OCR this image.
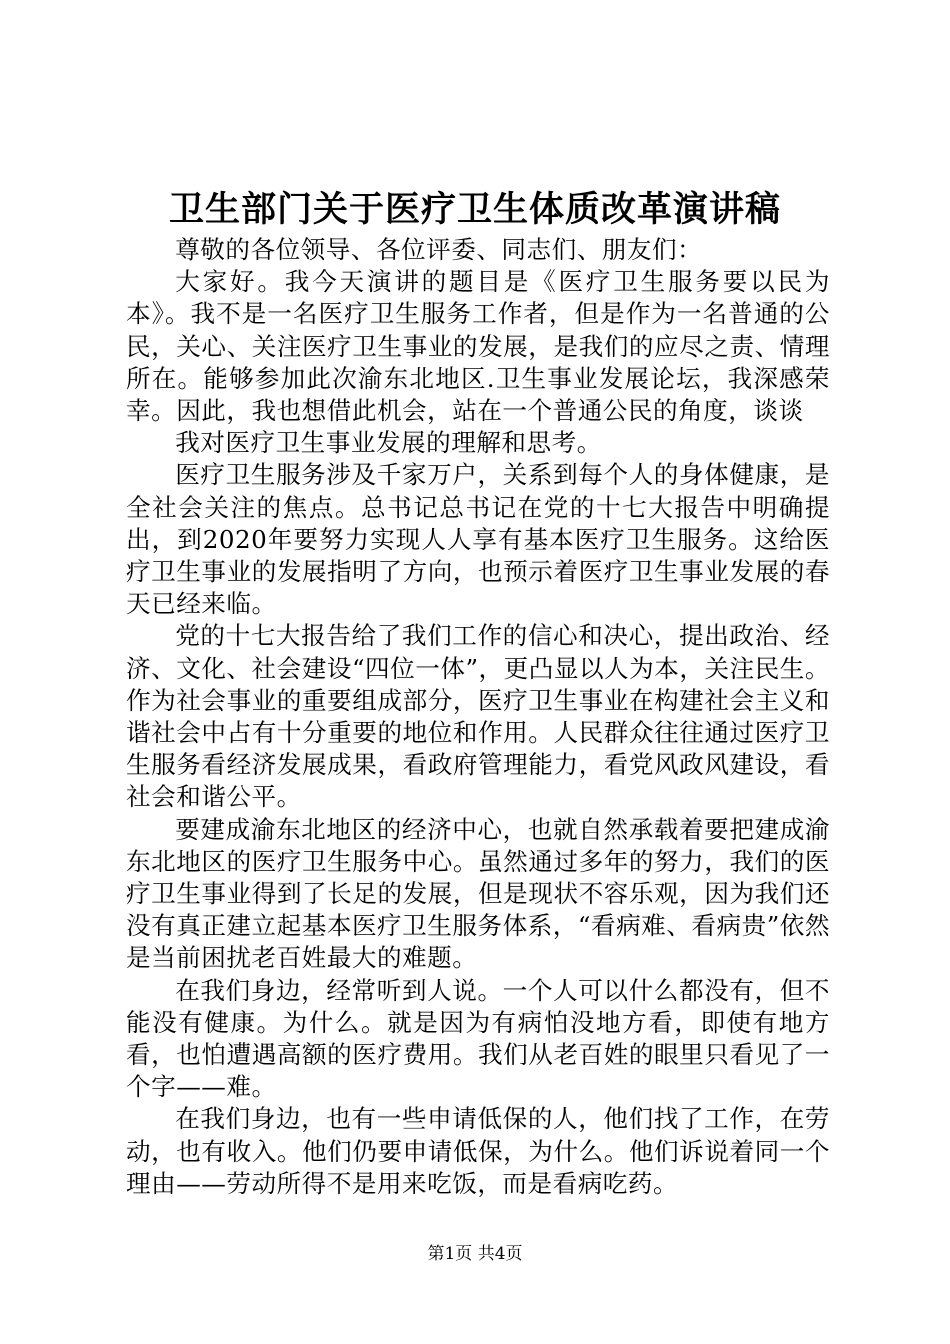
卫生部门关于医疗卫生体质改革演讲稿

尊敬的各位领导、各位评委、同志们、朋友们：

大家好。我今天演讲的题目是《医疗卫生服务要以民为本》。我不是一名医疗卫生服务工作者，但是作为一名普通的公民，关心、关注医疗卫生事业的发展，是我们的应尽之责、情理所在。能够参加此次渝东北地区.卫生事业发展论坛，我深感荣幸。因此，我也想借此机会，站在一个普通公民的角度，谈谈

我对医疗卫生事业发展的理解和思考。

医疗卫生服务涉及千家万户，关系到每个人的身体健康，是全社会关注的焦点。总书记总书记在党的十七大报告中明确提出，到2020年要努力实现人人享有基本医疗卫生服务。这给医疗卫生事业的发展指明了方向，也预示着医疗卫生事业发展的春天已经来临。

党的十七大报告给了我们工作的信心和决心，提出政治、经济、文化、社会建设“四位一体”，更凸显以人为本，关注民生。作为社会事业的重要组成部分，医疗卫生事业在构建社会主义和谐社会中占有十分重要的地位和作用。人民群众往往通过医疗卫生服务看经济发展成果，看政府管理能力，看党风政风建设，看社会和谐公平。

要建成渝东北地区的经济中心，也就自然承载着要把建成渝东北地区的医疗卫生服务中心。虽然通过多年的努力，我们的医疗卫生事业得到了长足的发展，但是现状不容乐观，因为我们还没有真正建立起基本医疗卫生服务体系，“看病难、看病贵”依然是当前困扰老百姓最大的难题。

在我们身边，经常听到人说。一个人可以什么都没有，但不能没有健康。为什么。就是因为有病怕没地方看，即使有地方看，也怕遭遇高额的医疗费用。我们从老百姓的眼里只看见了一个字——难。

在我们身边，也有一些申请低保的人，他们找了工作，在劳动，也有收入。他们仍要申请低保，为什么。他们诉说着同一个理由——劳动所得不是用来吃饭，而是看病吃药。

第1页 共4页
